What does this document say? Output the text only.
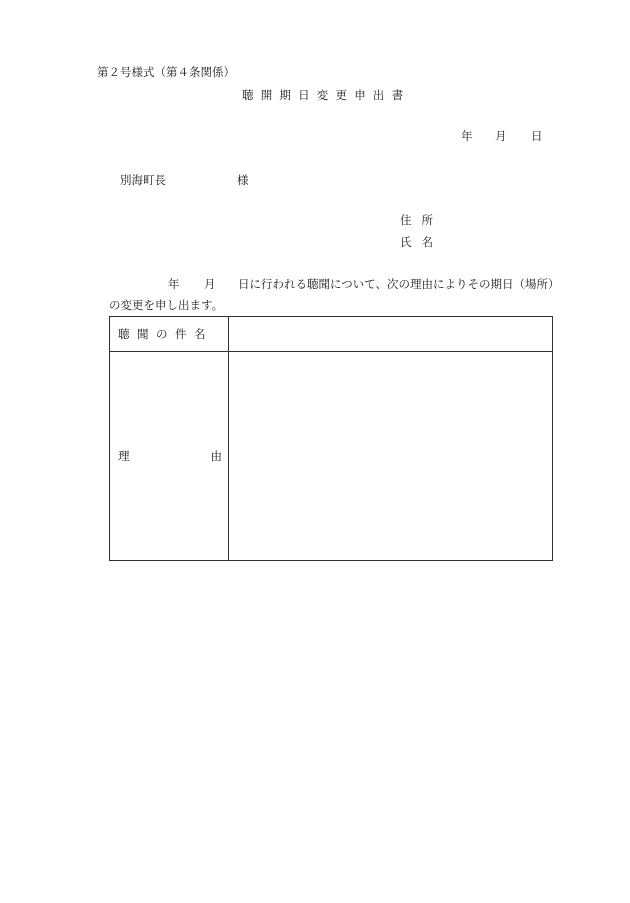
第２号様式（第４条関係）
聴開期日変更申出書
年 月 日
別海町長	様
住所
氏名
年 月 日に行われる聴聞について、次の理由によりその期日（場所）
の変更を申し出ます。
聴聞の件名	

理 由	
